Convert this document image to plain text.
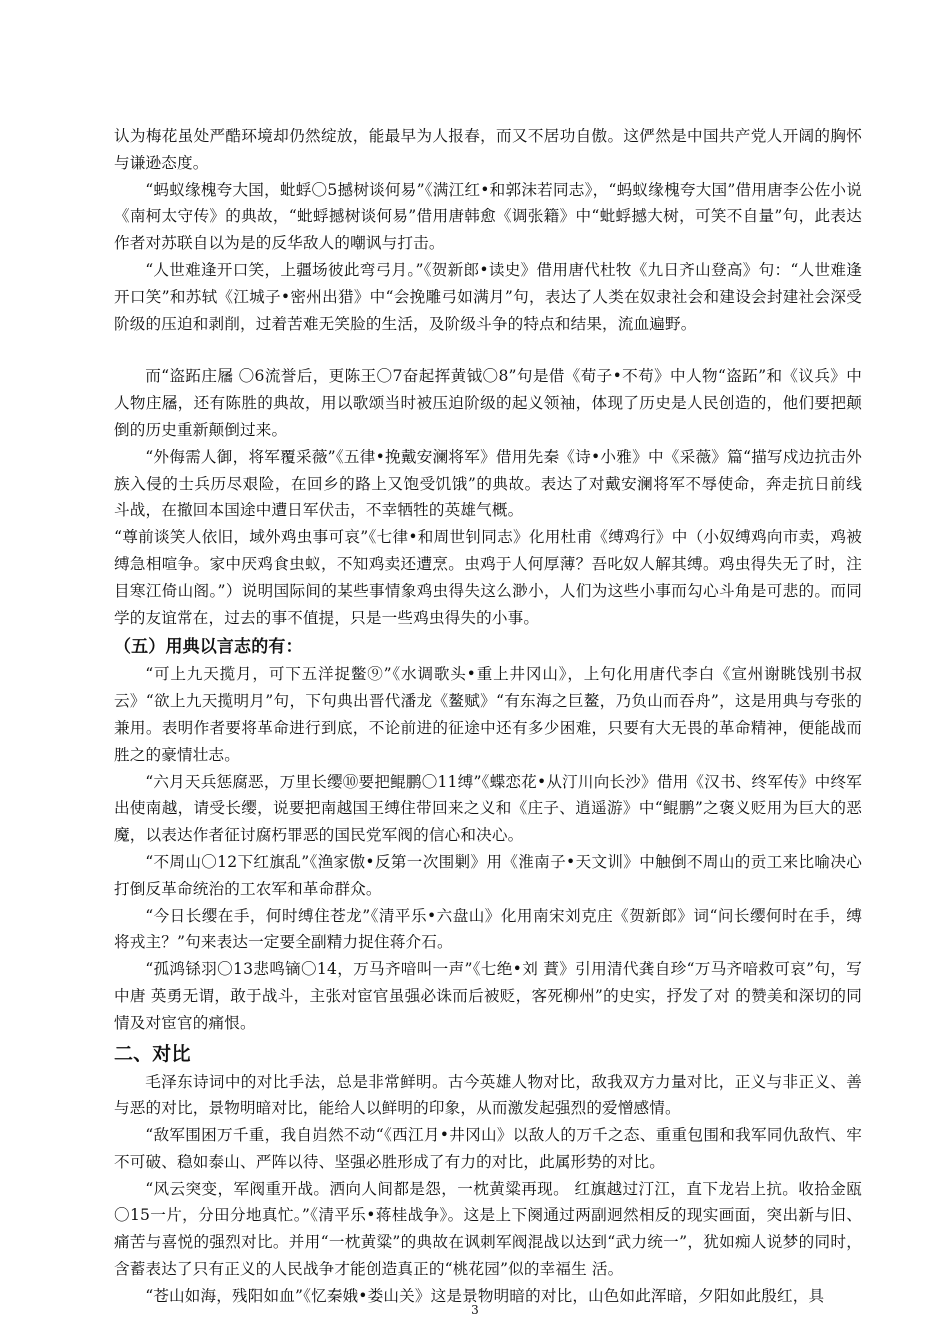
认为梅花虽处严酷环境却仍然绽放，能最早为人报春，而又不居功自傲。这俨然是中国共产党人开阔的胸怀与谦逊态度。

“蚂蚁缘槐夸大国，蚍蜉〇5撼树谈何易”《满江红•和郭沫若同志》，“蚂蚁缘槐夸大国”借用唐李公佐小说《南柯太守传》的典故，“蚍蜉撼树谈何易”借用唐韩愈《调张籍》中“蚍蜉撼大树，可笑不自量”句，此表达作者对苏联自以为是的反华敌人的嘲讽与打击。

“人世难逢开口笑，上疆场彼此弯弓月。”《贺新郎•读史》借用唐代杜牧《九日齐山登高》句：“人世难逢开口笑”和苏轼《江城子•密州出猎》中“会挽雕弓如满月”句，表达了人类在奴隶社会和建设会封建社会深受阶级的压迫和剥削，过着苦难无笑脸的生活，及阶级斗争的特点和结果，流血遍野。

而“盗跖庄屩 〇6流誉后，更陈王〇7奋起挥黄钺〇8”句是借《荀子•不苟》中人物“盗跖”和《议兵》中人物庄屩，还有陈胜的典故，用以歌颂当时被压迫阶级的起义领袖，体现了历史是人民创造的，他们要把颠倒的历史重新颠倒过来。

“外侮需人御，将军覆采薇”《五律•挽戴安澜将军》借用先秦《诗•小雅》中《采薇》篇“描写戍边抗击外族入侵的士兵历尽艰险，在回乡的路上又饱受饥饿”的典故。表达了对戴安澜将军不辱使命，奔走抗日前线斗战，在撤回本国途中遭日军伏击，不幸牺牲的英雄气概。

“尊前谈笑人依旧，域外鸡虫事可哀”《七律•和周世钊同志》化用杜甫《缚鸡行》中（小奴缚鸡向市卖，鸡被缚急相喧争。家中厌鸡食虫蚁，不知鸡卖还遭烹。虫鸡于人何厚薄？吾叱奴人解其缚。鸡虫得失无了时，注目寒江倚山阁。”）说明国际间的某些事情象鸡虫得失这么渺小，人们为这些小事而勾心斗角是可悲的。而同学的友谊常在，过去的事不值提，只是一些鸡虫得失的小事。

（五）用典以言志的有：

“可上九天揽月，可下五洋捉鳖⑨”《水调歌头•重上井冈山》，上句化用唐代李白《宣州谢眺饯别书叔云》“欲上九天揽明月”句，下句典出晋代潘龙《鳌赋》“有东海之巨鳌，乃负山而吞舟”，这是用典与夸张的兼用。表明作者要将革命进行到底，不论前进的征途中还有多少困难，只要有大无畏的革命精神，便能战而胜之的豪情壮志。

“六月天兵惩腐恶，万里长缨⑩要把鲲鹏〇11缚”《蝶恋花•从汀川向长沙》借用《汉书、终军传》中终军出使南越，请受长缨，说要把南越国王缚住带回来之义和《庄子、逍遥游》中“鲲鹏”之褒义贬用为巨大的恶魔，以表达作者征讨腐朽罪恶的国民党军阀的信心和决心。

“不周山〇12下红旗乱”《渔家傲•反第一次围剿》用《淮南子•天文训》中触倒不周山的贡工来比喻决心打倒反革命统治的工农军和革命群众。

“今日长缨在手，何时缚住苍龙”《清平乐•六盘山》化用南宋刘克庄《贺新郎》词“问长缨何时在手，缚将戎主？”句来表达一定要全副精力捉住蒋介石。

“孤鸿铩羽〇13悲鸣镝〇14，万马齐喑叫一声”《七绝•刘 蕡》引用清代龚自珍“万马齐喑救可哀”句，写中唐 英勇无谓，敢于战斗，主张对宦官虽强必诛而后被贬，客死柳州”的史实，抒发了对 的赞美和深切的同情及对宦官的痛恨。

二、对比

毛泽东诗词中的对比手法，总是非常鲜明。古今英雄人物对比，敌我双方力量对比，正义与非正义、善与恶的对比，景物明暗对比，能给人以鲜明的印象，从而激发起强烈的爱憎感情。

“敌军围困万千重，我自岿然不动“《西江月•井冈山》以敌人的万千之态、重重包围和我军同仇敌忾、牢不可破、稳如泰山、严阵以待、坚强必胜形成了有力的对比，此属形势的对比。

“风云突变，军阀重开战。洒向人间都是怨，一枕黄粱再现。 红旗越过汀江，直下龙岩上抗。收拾金瓯〇15一片，分田分地真忙。”《清平乐•蒋桂战争》。这是上下阕通过两副迥然相反的现实画面，突出新与旧、痛苦与喜悦的强烈对比。并用“一枕黄粱”的典故在讽刺军阀混战以达到“武力统一”，犹如痴人说梦的同时，含蓄表达了只有正义的人民战争才能创造真正的“桃花园”似的幸福生 活。

“苍山如海，残阳如血”《忆秦娥•娄山关》这是景物明暗的对比，山色如此浑暗，夕阳如此殷红，具

3
